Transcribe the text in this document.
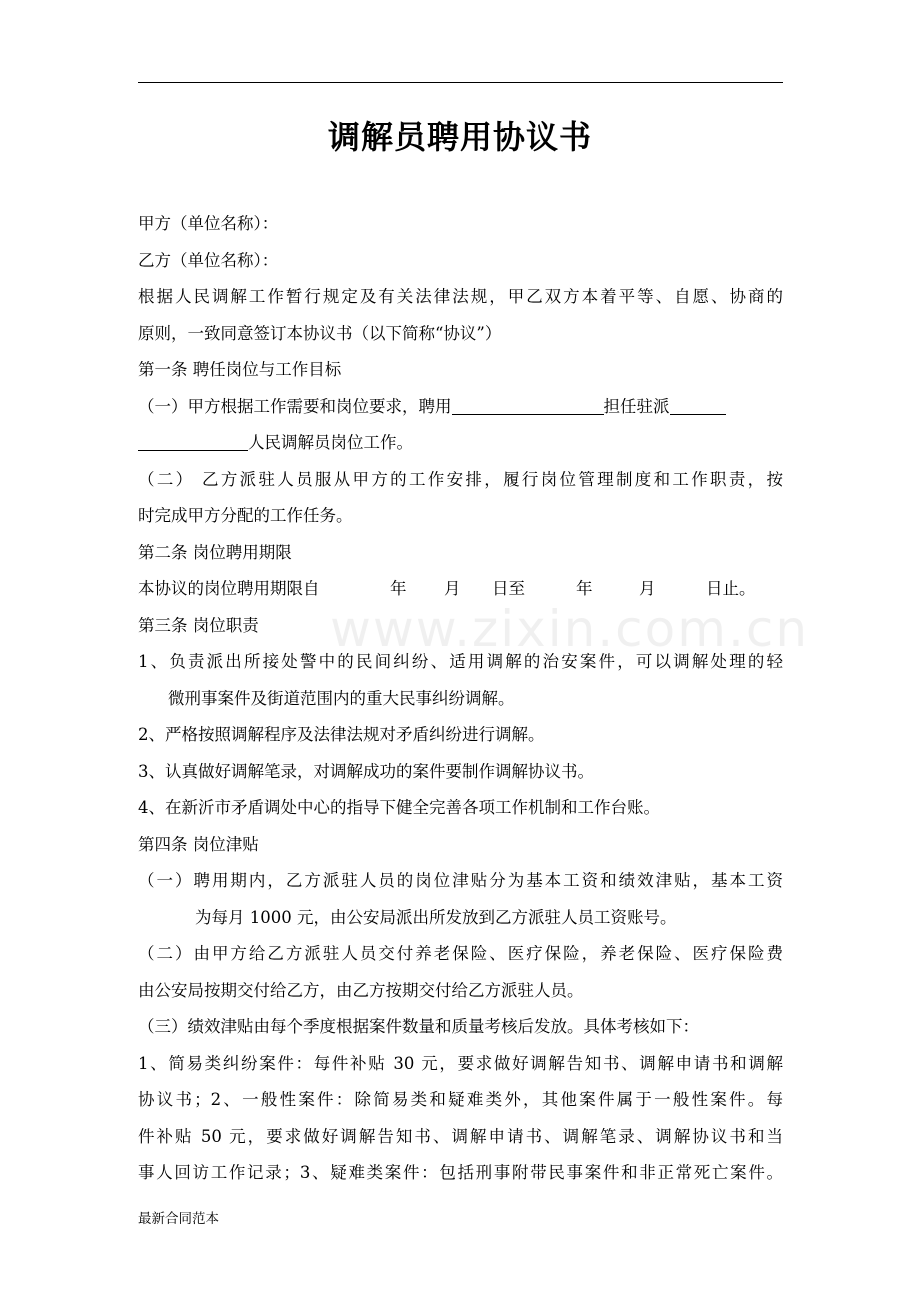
www.zixin.com.cn
调解员聘用协议书
甲方（单位名称）：
乙方（单位名称）：
根据人民调解工作暂行规定及有关法律法规，甲乙双方本着平等、自愿、协商的
原则，一致同意签订本协议书（以下简称“协议”）
第一条 聘任岗位与工作目标
（一）甲方根据工作需要和岗位要求，聘用	担任驻派
人民调解员岗位工作。
（二） 乙方派驻人员服从甲方的工作安排，履行岗位管理制度和工作职责，按
时完成甲方分配的工作任务。
第二条 岗位聘用期限
本协议的岗位聘用期限自	年 月 日至	年	月	日止。
第三条 岗位职责
1、负责派出所接处警中的民间纠纷、适用调解的治安案件，可以调解处理的轻
微刑事案件及街道范围内的重大民事纠纷调解。
2、严格按照调解程序及法律法规对矛盾纠纷进行调解。
3、认真做好调解笔录，对调解成功的案件要制作调解协议书。
4、在新沂市矛盾调处中心的指导下健全完善各项工作机制和工作台账。
第四条 岗位津贴
（一）聘用期内，乙方派驻人员的岗位津贴分为基本工资和绩效津贴，基本工资
为每月 1000 元，由公安局派出所发放到乙方派驻人员工资账号。
（二）由甲方给乙方派驻人员交付养老保险、医疗保险，养老保险、医疗保险费
由公安局按期交付给乙方，由乙方按期交付给乙方派驻人员。
（三）绩效津贴由每个季度根据案件数量和质量考核后发放。具体考核如下：
1、简易类纠纷案件：每件补贴 30 元，要求做好调解告知书、调解申请书和调解
协议书；2、一般性案件：除简易类和疑难类外，其他案件属于一般性案件。每
件补贴 50 元，要求做好调解告知书、调解申请书、调解笔录、调解协议书和当
事人回访工作记录；3、疑难类案件：包括刑事附带民事案件和非正常死亡案件。
最新合同范本
